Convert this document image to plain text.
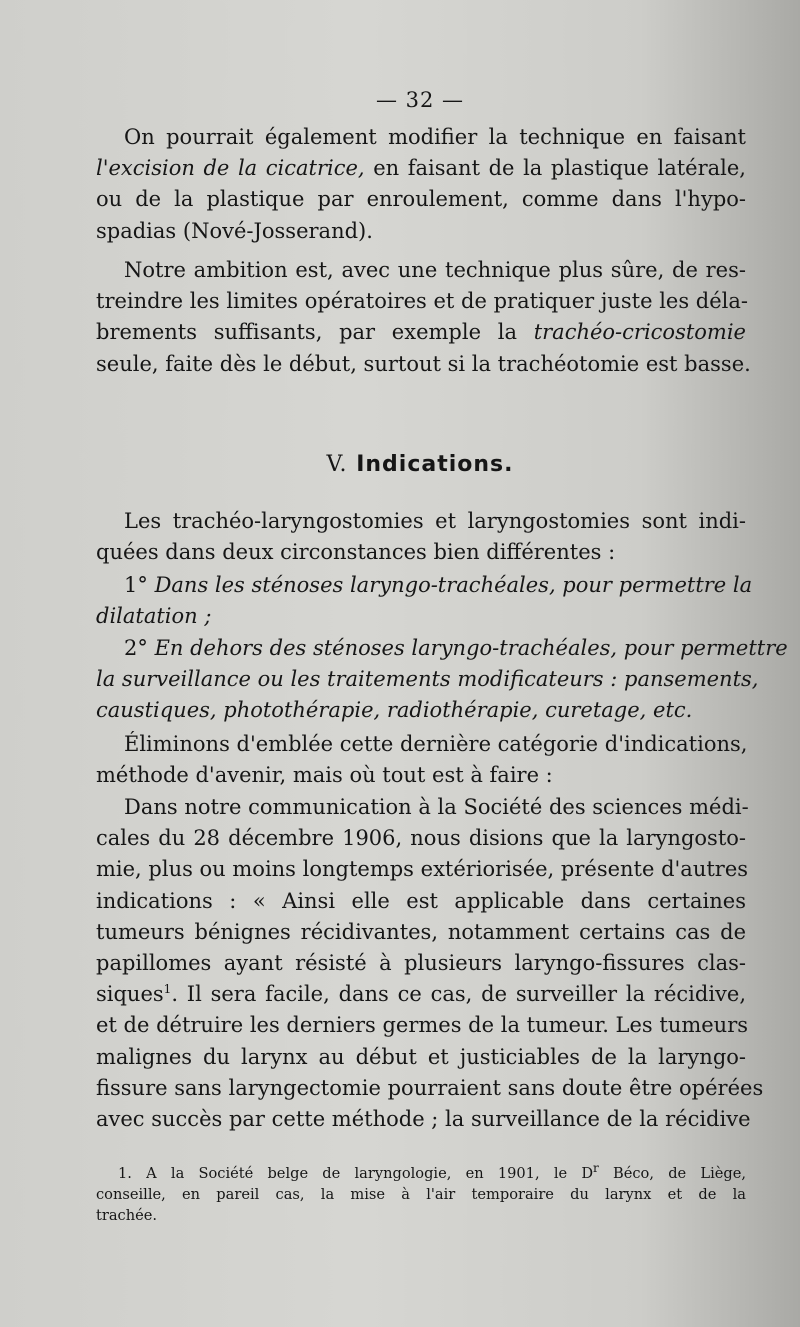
— 32 —
On pourrait également modifier la technique en faisant
l'excision de la cicatrice, en faisant de la plastique latérale,
ou de la plastique par enroulement, comme dans l'hypo-
spadias (Nové-Josserand).
Notre ambition est, avec une technique plus sûre, de res-
treindre les limites opératoires et de pratiquer juste les déla-
brements suffisants, par exemple la trachéo-cricostomie
seule, faite dès le début, surtout si la trachéotomie est basse.
V. Indications.
Les trachéo-laryngostomies et laryngostomies sont indi-
quées dans deux circonstances bien différentes :
1° Dans les sténoses laryngo-trachéales, pour permettre la
dilatation ;
2° En dehors des sténoses laryngo-trachéales, pour permettre
la surveillance ou les traitements modificateurs : pansements,
caustiques, photothérapie, radiothérapie, curetage, etc.
Éliminons d'emblée cette dernière catégorie d'indications,
méthode d'avenir, mais où tout est à faire :
Dans notre communication à la Société des sciences médi-
cales du 28 décembre 1906, nous disions que la laryngosto-
mie, plus ou moins longtemps extériorisée, présente d'autres
indications : « Ainsi elle est applicable dans certaines
tumeurs bénignes récidivantes, notamment certains cas de
papillomes ayant résisté à plusieurs laryngo-fissures clas-
siques$^1$. Il sera facile, dans ce cas, de surveiller la récidive,
et de détruire les derniers germes de la tumeur. Les tumeurs
malignes du larynx au début et justiciables de la laryngo-
fissure sans laryngectomie pourraient sans doute être opérées
avec succès par cette méthode ; la surveillance de la récidive
1. A la Société belge de laryngologie, en 1901, le $D^r$ Béco, de Liège,
conseille, en pareil cas, la mise à l'air temporaire du larynx et de la
trachée.
